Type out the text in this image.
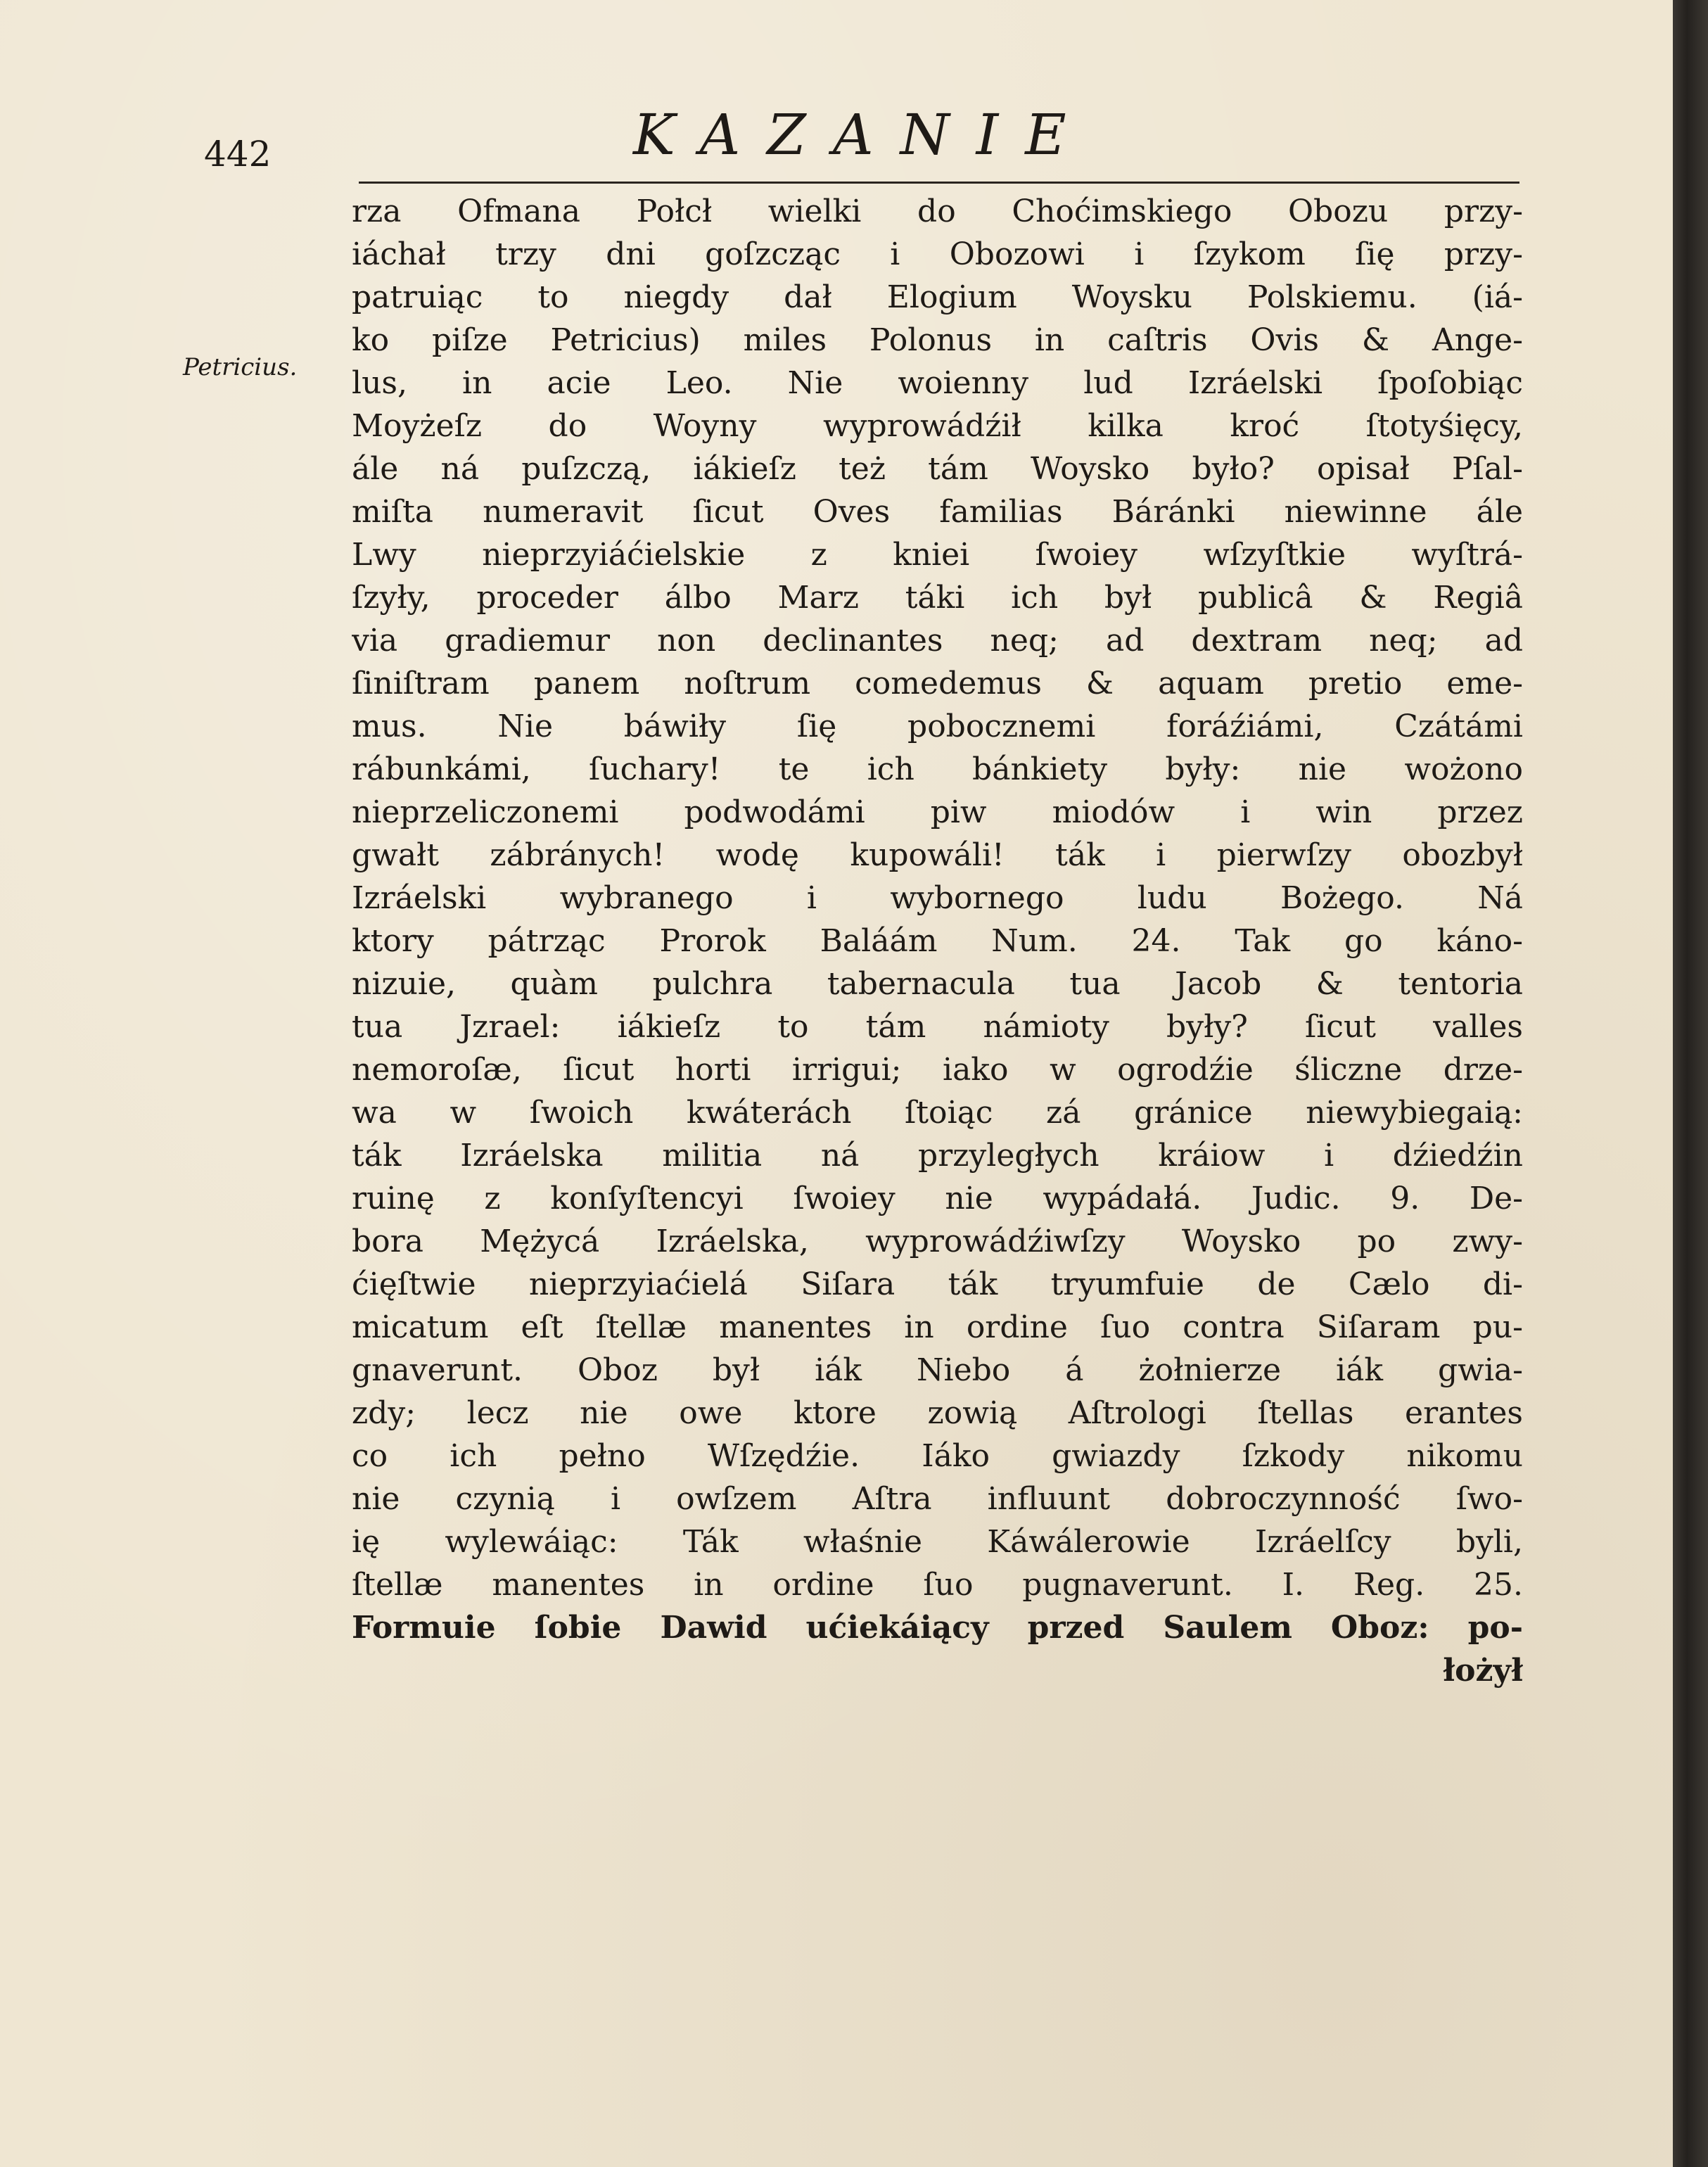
442	KAZANIE
Petricius.
rza Ofmana Połcł wielki do Choćimskiego Obozu przy-
iáchał trzy dni goſzcząc i Obozowi i ſzykom ſię przy-
patruiąc to niegdy dał Elogium Woysku Polskiemu. (iá-
ko piſze Petricius) miles Polonus in caſtris Ovis & Ange-
lus, in acie Leo. Nie woienny lud Izráelski ſpoſobiąc
Moyżeſz do Woyny wyprowádźił kilka kroć ſtotyśięcy,
ále ná puſzczą, iákieſz też tám Woysko było? opisał Pſal-
miſta numeravit ſicut Oves familias Báránki niewinne ále
Lwy nieprzyiáćielskie z kniei ſwoiey wſzyſtkie wyſtrá-
ſzyły, proceder álbo Marz táki ich był publicâ & Regiâ
via gradiemur non declinantes neq; ad dextram neq; ad
ſiniſtram panem noſtrum comedemus & aquam pretio eme-
mus. Nie báwiły ſię pobocznemi foráźiámi, Czátámi
rábunkámi, ſuchary! te ich bánkiety były: nie wożono
nieprzeliczonemi podwodámi piw miodów i win przez
gwałt zábránych! wodę kupowáli! ták i pierwſzy obozbył
Izráelski wybranego i wybornego ludu Bożego. Ná
ktory pátrząc Prorok Baláám Num. 24. Tak go káno-
nizuie, quàm pulchra tabernacula tua Jacob & tentoria
tua Jzrael: iákieſz to tám námioty były? ſicut valles
nemoroſæ, ſicut horti irrigui; iako w ogrodźie śliczne drze-
wa w ſwoich kwáterách ſtoiąc zá gránice niewybiegaią:
ták Izráelska militia ná przyległych kráiow i dźiedźin
ruinę z konſyſtencyi ſwoiey nie wypádałá. Judic. 9. De-
bora Mężycá Izráelska, wyprowádźiwſzy Woysko po zwy-
ćięſtwie nieprzyiaćielá Siſara ták tryumfuie de Cælo di-
micatum eſt ſtellæ manentes in ordine ſuo contra Siſaram pu-
gnaverunt. Oboz był iák Niebo á żołnierze iák gwia-
zdy; lecz nie owe ktore zowią Aſtrologi ſtellas erantes
co ich pełno Wſzędźie. Iáko gwiazdy ſzkody nikomu
nie czynią i owſzem Aſtra influunt dobroczynność ſwo-
ię wylewáiąc: Ták właśnie Káwálerowie Izráelſcy byli,
ſtellæ manentes in ordine ſuo pugnaverunt. I. Reg. 25.
Formuie ſobie Dawid ućiekáiący przed Saulem Oboz: po-
łożył
